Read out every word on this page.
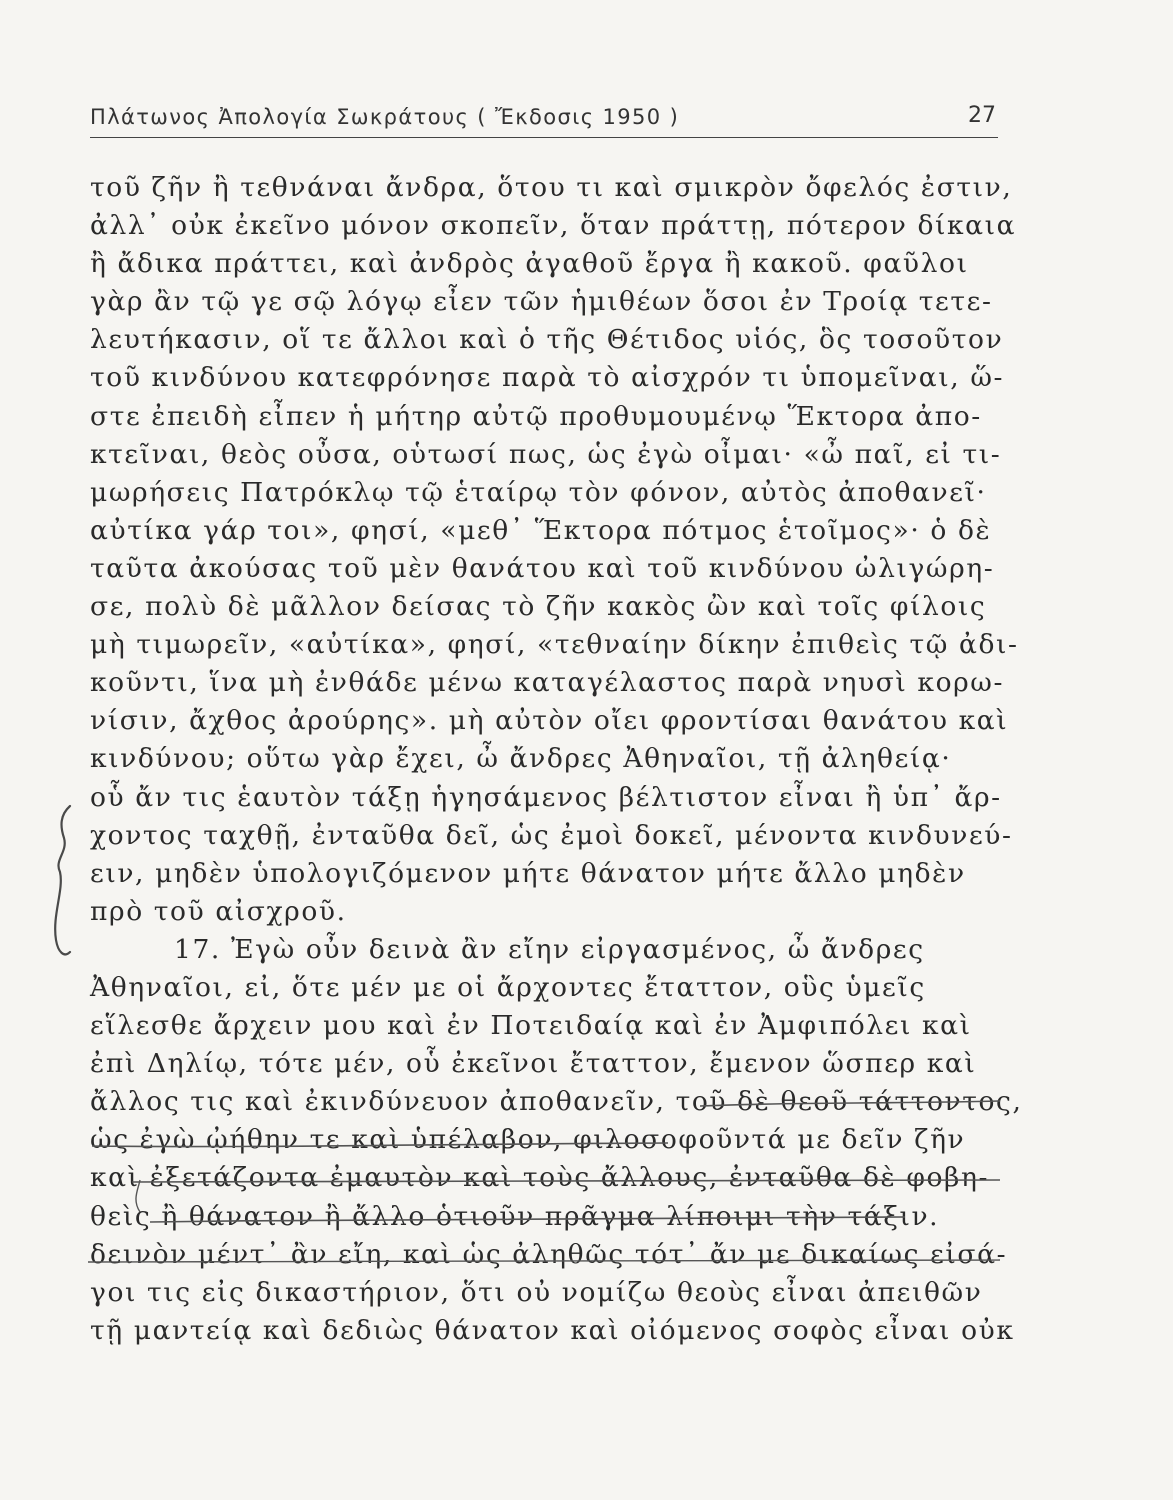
Πλάτωνος Ἀπολογία Σωκράτους ( Ἔκδοσις 1950 )	27
τοῦ ζῆν ἢ τεθνάναι ἄνδρα, ὅτου τι καὶ σμικρὸν ὄφελός ἐστιν,
ἀλλ᾽ οὐκ ἐκεῖνο μόνον σκοπεῖν, ὅταν πράττῃ, πότερον δίκαια
ἢ ἄδικα πράττει, καὶ ἀνδρὸς ἀγαθοῦ ἔργα ἢ κακοῦ. φαῦλοι
γὰρ ἂν τῷ γε σῷ λόγῳ εἶεν τῶν ἡμιθέων ὅσοι ἐν Τροίᾳ τετε-
λευτήκασιν, οἵ τε ἄλλοι καὶ ὁ τῆς Θέτιδος υἱός, ὃς τοσοῦτον
τοῦ κινδύνου κατεφρόνησε παρὰ τὸ αἰσχρόν τι ὑπομεῖναι, ὥ-
στε ἐπειδὴ εἶπεν ἡ μήτηρ αὐτῷ προθυμουμένῳ Ἕκτορα ἀπο-
κτεῖναι, θεὸς οὖσα, οὑτωσί πως, ὡς ἐγὼ οἶμαι· «ὦ παῖ, εἰ τι-
μωρήσεις Πατρόκλῳ τῷ ἑταίρῳ τὸν φόνον, αὐτὸς ἀποθανεῖ·
αὐτίκα γάρ τοι», φησί, «μεθ᾽ Ἕκτορα πότμος ἑτοῖμος»· ὁ δὲ
ταῦτα ἀκούσας τοῦ μὲν θανάτου καὶ τοῦ κινδύνου ὠλιγώρη-
σε, πολὺ δὲ μᾶλλον δείσας τὸ ζῆν κακὸς ὢν καὶ τοῖς φίλοις
μὴ τιμωρεῖν, «αὐτίκα», φησί, «τεθναίην δίκην ἐπιθεὶς τῷ ἀδι-
κοῦντι, ἵνα μὴ ἐνθάδε μένω καταγέλαστος παρὰ νηυσὶ κορω-
νίσιν, ἄχθος ἀρούρης». μὴ αὐτὸν οἴει φροντίσαι θανάτου καὶ
κινδύνου; οὕτω γὰρ ἔχει, ὦ ἄνδρες Ἀθηναῖοι, τῇ ἀληθείᾳ·
οὗ ἄν τις ἑαυτὸν τάξῃ ἡγησάμενος βέλτιστον εἶναι ἢ ὑπ᾽ ἄρ-
χοντος ταχθῇ, ἐνταῦθα δεῖ, ὡς ἐμοὶ δοκεῖ, μένοντα κινδυνεύ-
ειν, μηδὲν ὑπολογιζόμενον μήτε θάνατον μήτε ἄλλο μηδὲν
πρὸ τοῦ αἰσχροῦ.
17. Ἐγὼ οὖν δεινὰ ἂν εἴην εἰργασμένος, ὦ ἄνδρες
Ἀθηναῖοι, εἰ, ὅτε μέν με οἱ ἄρχοντες ἔταττον, οὓς ὑμεῖς
εἵλεσθε ἄρχειν μου καὶ ἐν Ποτειδαίᾳ καὶ ἐν Ἀμφιπόλει καὶ
ἐπὶ Δηλίῳ, τότε μέν, οὗ ἐκεῖνοι ἔταττον, ἔμενον ὥσπερ καὶ
ἄλλος τις καὶ ἐκινδύνευον ἀποθανεῖν, τοῦ δὲ θεοῦ τάττοντος,
ὡς ἐγὼ ᾠήθην τε καὶ ὑπέλαβον, φιλοσοφοῦντά με δεῖν ζῆν
καὶ ἐξετάζοντα ἐμαυτὸν καὶ τοὺς ἄλλους, ἐνταῦθα δὲ φοβη-
θεὶς ἢ θάνατον ἢ ἄλλο ὁτιοῦν πρᾶγμα λίποιμι τὴν τάξιν.
δεινὸν μέντ᾽ ἂν εἴη, καὶ ὡς ἀληθῶς τότ᾽ ἄν με δικαίως εἰσά-
γοι τις εἰς δικαστήριον, ὅτι οὐ νομίζω θεοὺς εἶναι ἀπειθῶν
τῇ μαντείᾳ καὶ δεδιὼς θάνατον καὶ οἰόμενος σοφὸς εἶναι οὐκ
